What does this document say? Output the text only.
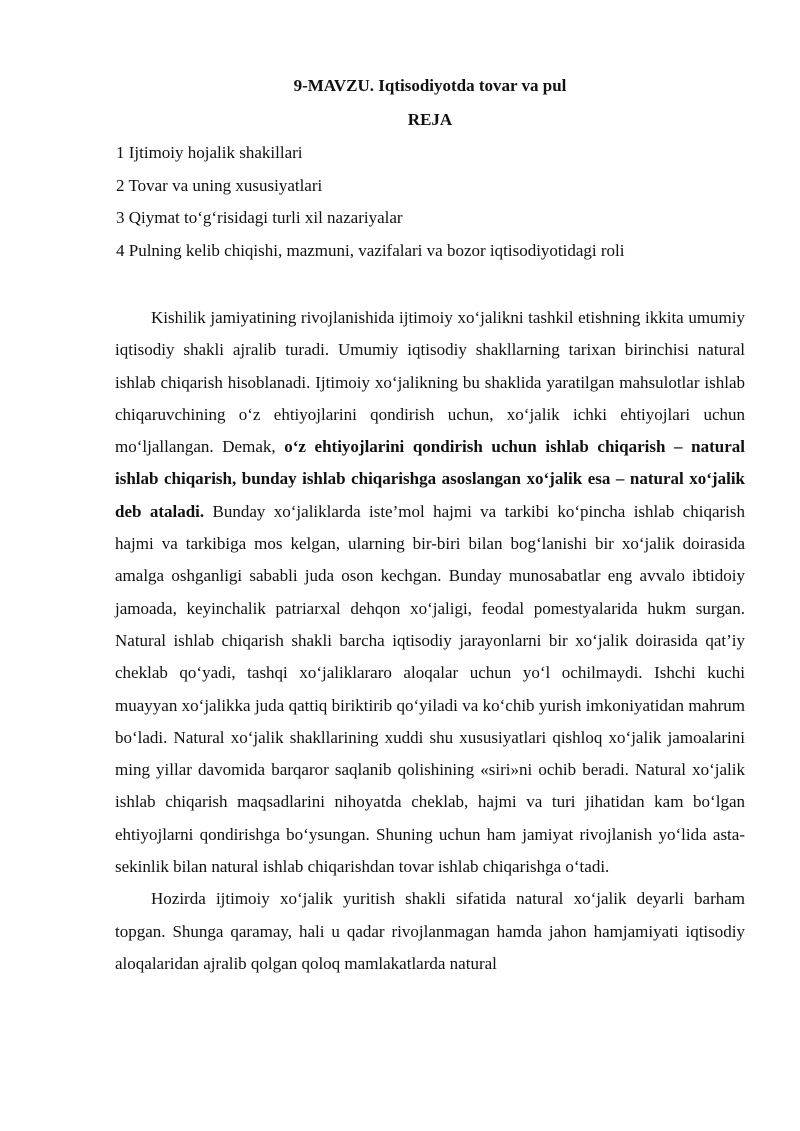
9-MAVZU. Iqtisodiyotda tovar va pul
REJA
1 Ijtimoiy hojalik shakillari
2 Tovar va uning xususiyatlari
3 Qiymat to‘g‘risidagi turli xil nazariyalar
4 Pulning kelib chiqishi, mazmuni, vazifalari va bozor iqtisodiyotidagi roli

Kishilik jamiyatining rivojlanishida ijtimoiy xo‘jalikni tashkil etishning ikkita umumiy iqtisodiy shakli ajralib turadi. Umumiy iqtisodiy shakllarning tarixan birinchisi natural ishlab chiqarish hisoblanadi. Ijtimoiy xo‘jalikning bu shaklida yaratilgan mahsulotlar ishlab chiqaruvchining o‘z ehtiyojlarini qondirish uchun, xo‘jalik ichki ehtiyojlari uchun mo‘ljallangan. Demak, o‘z ehtiyojlarini qondirish uchun ishlab chiqarish – natural ishlab chiqarish, bunday ishlab chiqarishga asoslangan xo‘jalik esa – natural xo‘jalik deb ataladi. Bunday xo‘jaliklarda iste’mol hajmi va tarkibi ko‘pincha ishlab chiqarish hajmi va tarkibiga mos kelgan, ularning bir-biri bilan bog‘lanishi bir xo‘jalik doirasida amalga oshganligi sababli juda oson kechgan. Bunday munosabatlar eng avvalo ibtidoiy jamoada, keyinchalik patriarxal dehqon xo‘jaligi, feodal pomestyalarida hukm surgan. Natural ishlab chiqarish shakli barcha iqtisodiy jarayonlarni bir xo‘jalik doirasida qat’iy cheklab qo‘yadi, tashqi xo‘jaliklararo aloqalar uchun yo‘l ochilmaydi. Ishchi kuchi muayyan xo‘jalikka juda qattiq biriktirib qo‘yiladi va ko‘chib yurish imkoniyatidan mahrum bo‘ladi. Natural xo‘jalik shakllarining xuddi shu xususiyatlari qishloq xo‘jalik jamoalarini ming yillar davomida barqaror saqlanib qolishining «siri»ni ochib beradi. Natural xo‘jalik ishlab chiqarish maqsadlarini nihoyatda cheklab, hajmi va turi jihatidan kam bo‘lgan ehtiyojlarni qondirishga bo‘ysungan. Shuning uchun ham jamiyat rivojlanish yo‘lida asta-sekinlik bilan natural ishlab chiqarishdan tovar ishlab chiqarishga o‘tadi.

Hozirda ijtimoiy xo‘jalik yuritish shakli sifatida natural xo‘jalik deyarli barham topgan. Shunga qaramay, hali u qadar rivojlanmagan hamda jahon hamjamiyati iqtisodiy aloqalaridan ajralib qolgan qoloq mamlakatlarda natural
